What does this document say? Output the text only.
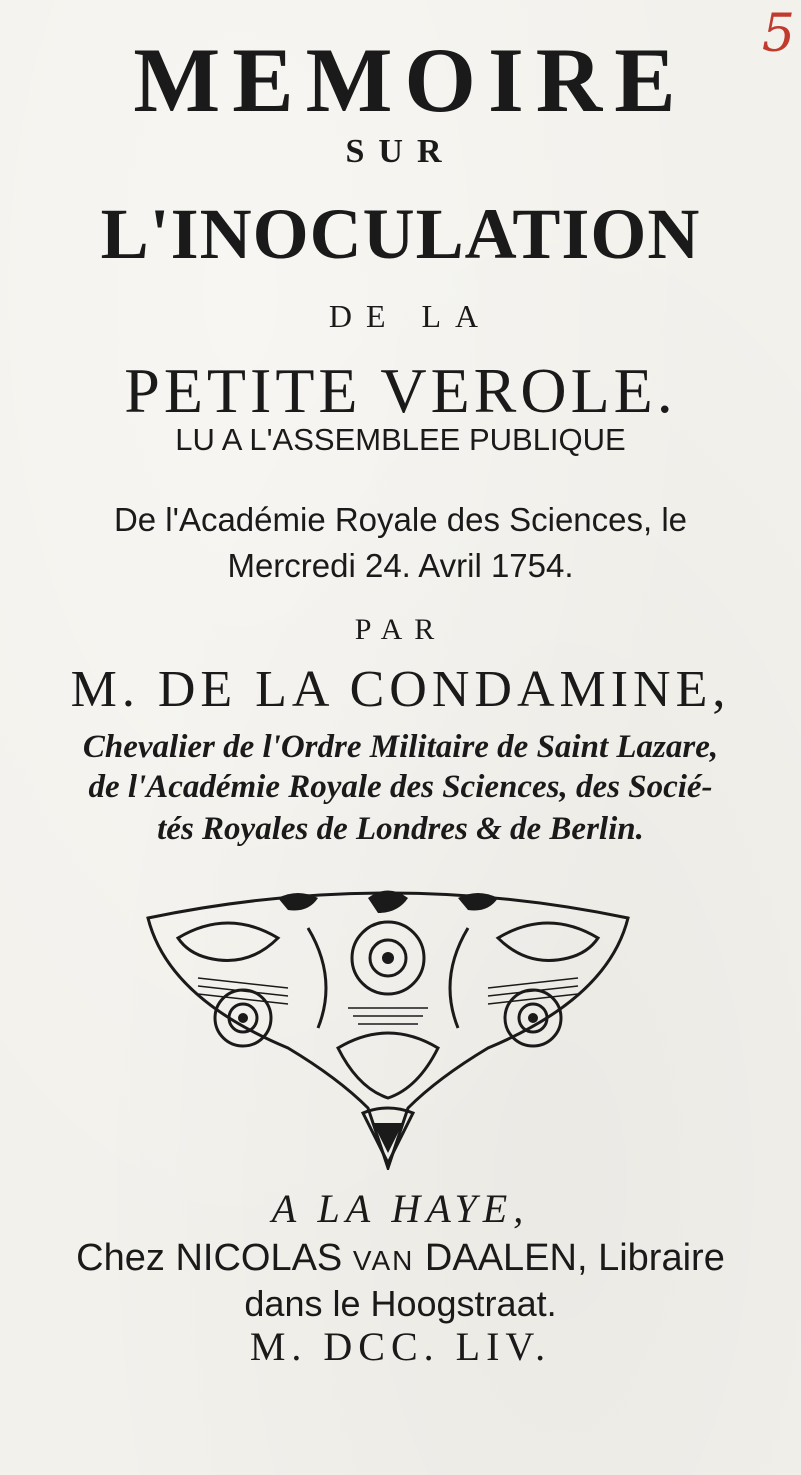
5
MEMOIRE
SUR
L'INOCULATION
DE LA
PETITE VEROLE.
LU A L'ASSEMBLEE PUBLIQUE
De l'Académie Royale des Sciences, le
Mercredi 24. Avril 1754.
PAR
M. DE LA CONDAMINE,
Chevalier de l'Ordre Militaire de Saint Lazare,
de l'Académie Royale des Sciences, des Socié-
tés Royales de Londres & de Berlin.
A LA HAYE,
Chez NICOLAS VAN DAALEN, Libraire
dans le Hoogstraat.
M. DCC. LIV.
